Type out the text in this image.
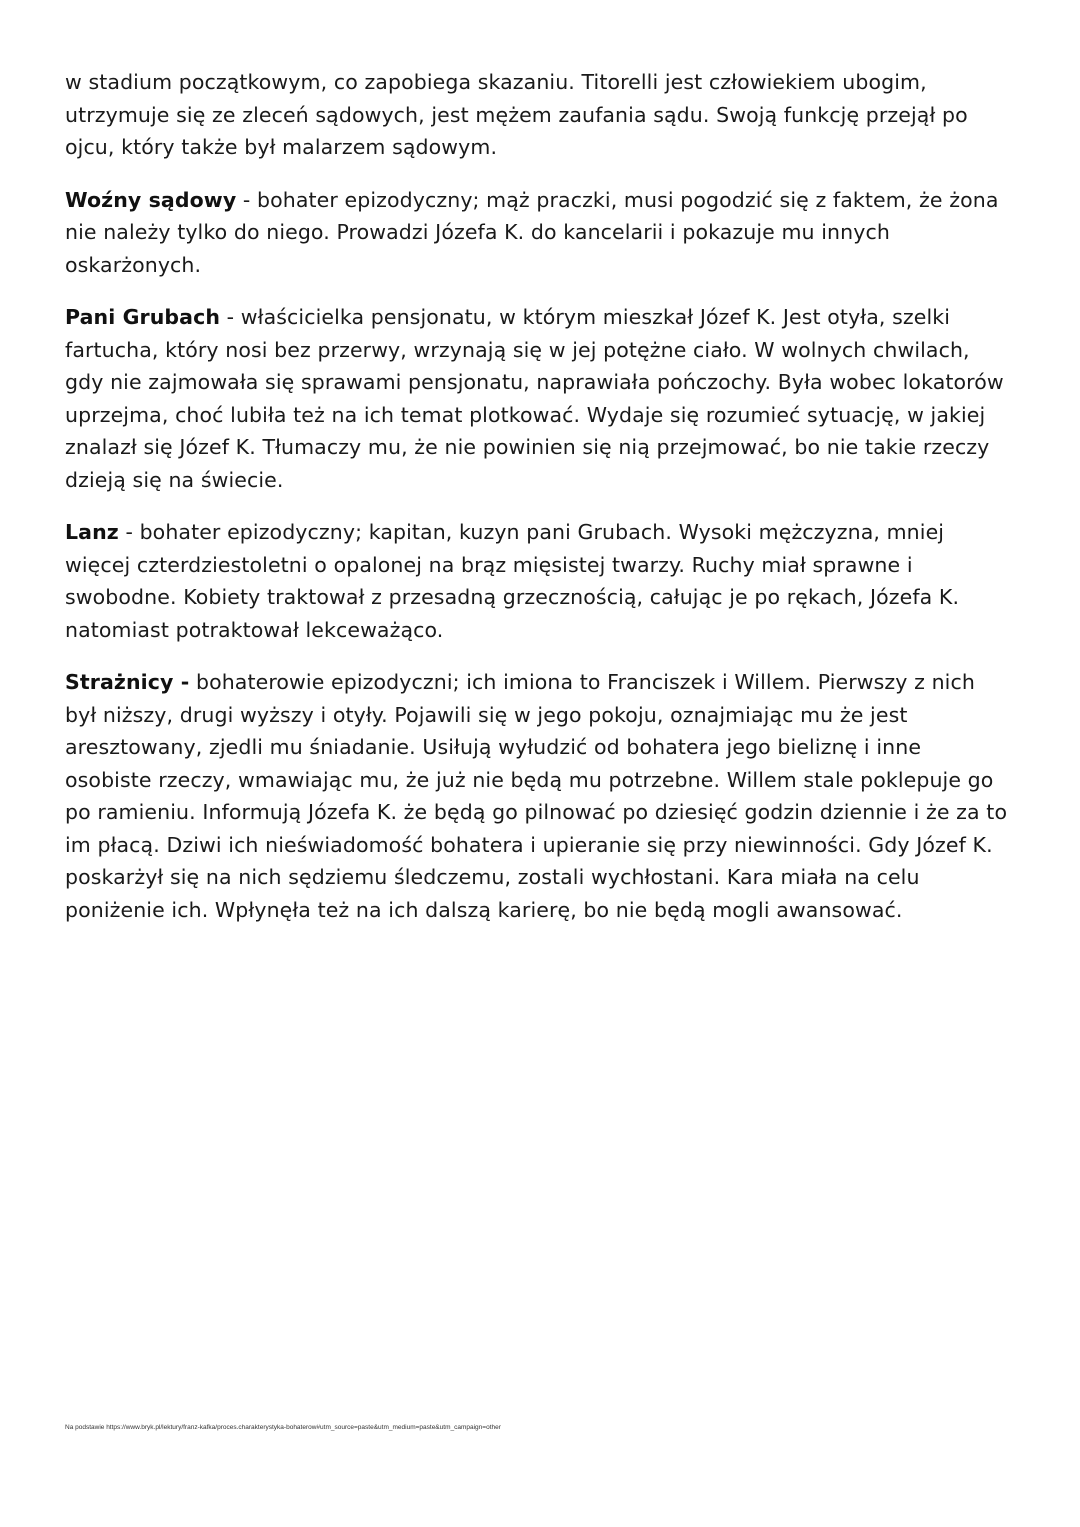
w stadium początkowym, co zapobiega skazaniu. Titorelli jest człowiekiem ubogim, utrzymuje się ze zleceń sądowych, jest mężem zaufania sądu. Swoją funkcję przejął po ojcu, który także był malarzem sądowym.

Woźny sądowy - bohater epizodyczny; mąż praczki, musi pogodzić się z faktem, że żona nie należy tylko do niego. Prowadzi Józefa K. do kancelarii i pokazuje mu innych oskarżonych.

Pani Grubach - właścicielka pensjonatu, w którym mieszkał Józef K. Jest otyła, szelki fartucha, który nosi bez przerwy, wrzynają się w jej potężne ciało. W wolnych chwilach, gdy nie zajmowała się sprawami pensjonatu, naprawiała pończochy. Była wobec lokatorów uprzejma, choć lubiła też na ich temat plotkować. Wydaje się rozumieć sytuację, w jakiej znalazł się Józef K. Tłumaczy mu, że nie powinien się nią przejmować, bo nie takie rzeczy dzieją się na świecie.

Lanz - bohater epizodyczny; kapitan, kuzyn pani Grubach. Wysoki mężczyzna, mniej więcej czterdziestoletni o opalonej na brąz mięsistej twarzy. Ruchy miał sprawne i swobodne. Kobiety traktował z przesadną grzecznością, całując je po rękach, Józefa K. natomiast potraktował lekceważąco.

Strażnicy - bohaterowie epizodyczni; ich imiona to Franciszek i Willem. Pierwszy z nich był niższy, drugi wyższy i otyły. Pojawili się w jego pokoju, oznajmiając mu że jest aresztowany, zjedli mu śniadanie. Usiłują wyłudzić od bohatera jego bieliznę i inne osobiste rzeczy, wmawiając mu, że już nie będą mu potrzebne. Willem stale poklepuje go po ramieniu. Informują Józefa K. że będą go pilnować po dziesięć godzin dziennie i że za to im płacą. Dziwi ich nieświadomość bohatera i upieranie się przy niewinności. Gdy Józef K. poskarżył się na nich sędziemu śledczemu, zostali wychłostani. Kara miała na celu poniżenie ich. Wpłynęła też na ich dalszą karierę, bo nie będą mogli awansować.

Na podstawie https://www.bryk.pl/lektury/franz-kafka/proces.charakterystyka-bohaterow#utm_source=paste&utm_medium=paste&utm_campaign=other
